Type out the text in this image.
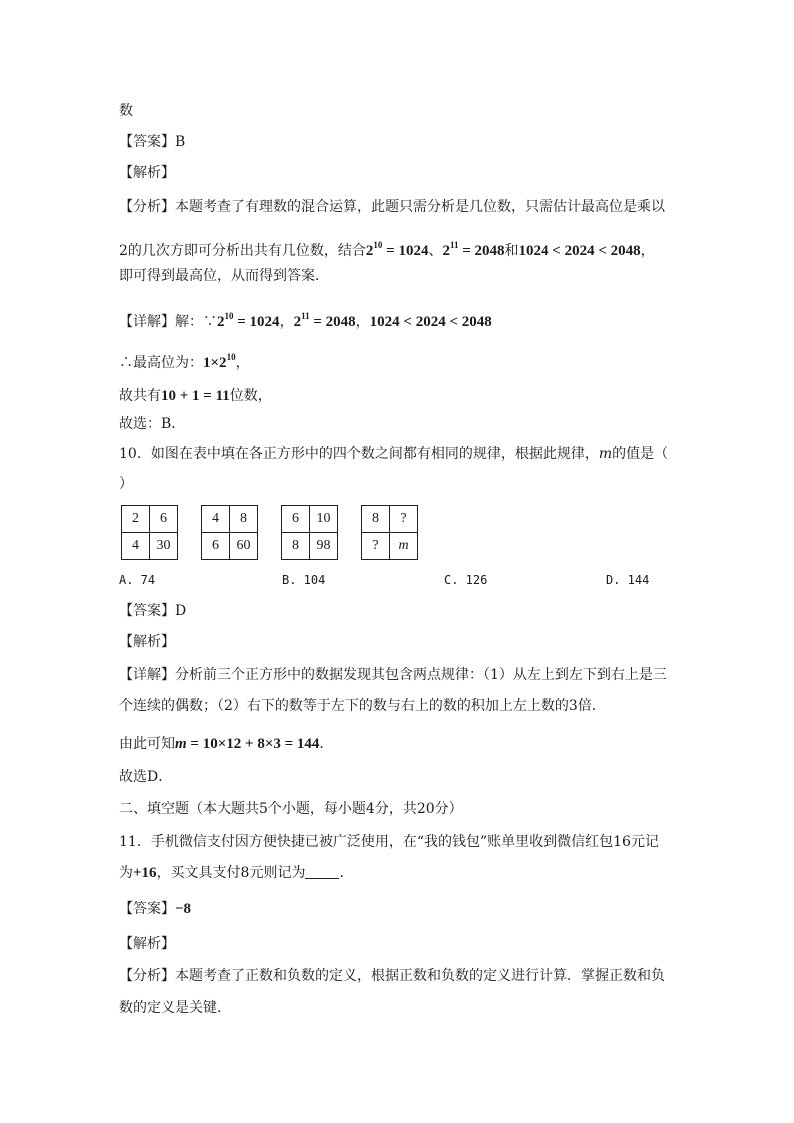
数
【答案】B
【解析】
【分析】本题考查了有理数的混合运算，此题只需分析是几位数，只需估计最高位是乘以
2的几次方即可分析出共有几位数，结合$2^{10} = 1024$、$2^{11} = 2048$和1024 < 2024 < 2048，
即可得到最高位，从而得到答案．
【详解】解：$\because 2^{10} = 1024$，$2^{11} = 2048$，1024 < 2024 < 2048
∴最高位为：$1\times 2^{10}$，
故共有10 + 1 = 11位数，
故选：B．
10．如图在表中填在各正方形中的四个数之间都有相同的规律，根据此规律，m的值是（
）
2	6
4	30
4	8
6	60
6	10
8	98
8	?
?	m
A. 74	B. 104	C. 126	D. 144
【答案】D
【解析】
【详解】分析前三个正方形中的数据发现其包含两点规律：（1）从左上到左下到右上是三
个连续的偶数；（2）右下的数等于左下的数与右上的数的积加上左上数的3倍．
由此可知m = 10×12 + 8×3 = 144．
故选D．
二、填空题（本大题共5个小题，每小题4分，共20分）
11．手机微信支付因方便快捷已被广泛使用，在“我的钱包”账单里收到微信红包16元记
为+16，买文具支付8元则记为 ．
【答案】−8
【解析】
【分析】本题考查了正数和负数的定义，根据正数和负数的定义进行计算．掌握正数和负
数的定义是关键．
